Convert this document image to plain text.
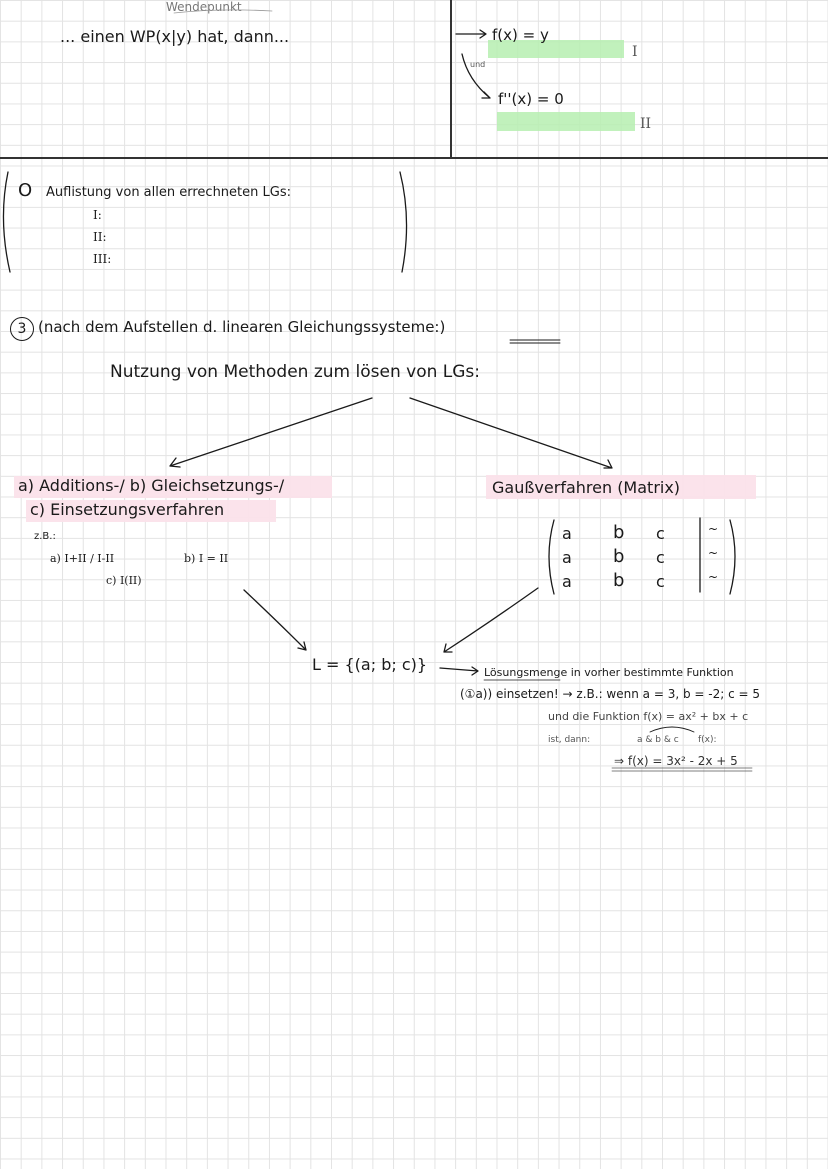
Wendepunkt
... einen WP(x|y) hat, dann...	f(x) = y
I
und
f''(x) = 0
II
O Auflistung von allen errechneten LGs:
I:
II:
III:
3 (nach dem Aufstellen d. linearen Gleichungssysteme:)
Nutzung von Methoden zum lösen von LGs:
a) Additions-/ b) Gleichsetzungs-/
c) Einsetzungsverfahren
z.B.:
a) I+II / I-II	b) I = II
c) I(II)
Gaußverfahren (Matrix)
a b c	~
a b c	~
a b c	~
L = {(a; b; c)}	Lösungsmenge in vorher bestimmte Funktion
(①a)) einsetzen! → z.B.: wenn a = 3, b = -2; c = 5
und die Funktion f(x) = ax² + bx + c
ist, dann:	a & b & c f(x):
⇒ f(x) = 3x² - 2x + 5
